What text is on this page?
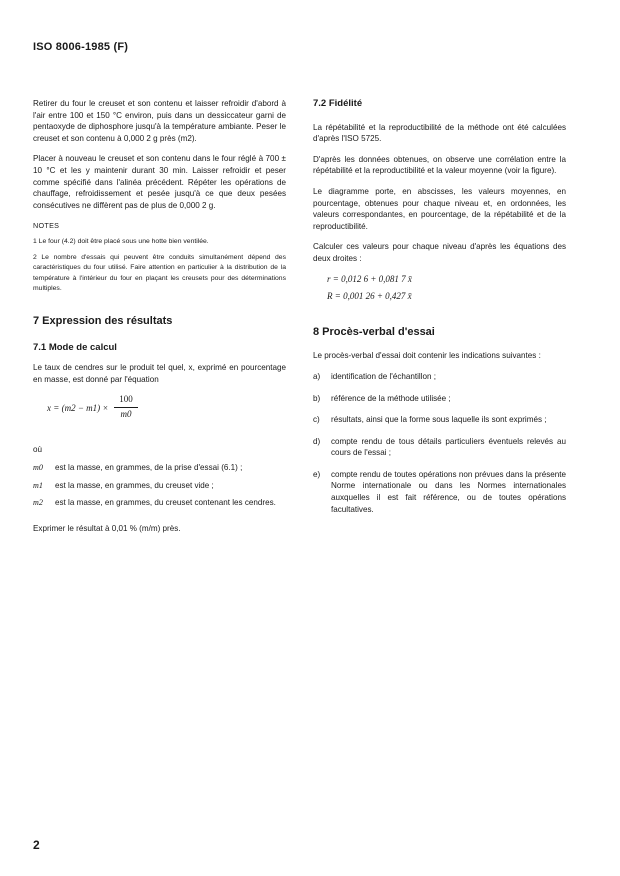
ISO 8006-1985 (F)

Retirer du four le creuset et son contenu et laisser refroidir d'abord à l'air entre 100 et 150 °C environ, puis dans un dessiccateur garni de pentaoxyde de diphosphore jusqu'à la température ambiante. Peser le creuset et son contenu à 0,000 2 g près (m2).

Placer à nouveau le creuset et son contenu dans le four réglé à 700 ± 10 °C et les y maintenir durant 30 min. Laisser refroidir et peser comme spécifié dans l'alinéa précédent. Répéter les opérations de chauffage, refroidissement et pesée jusqu'à ce que deux pesées consécutives ne diffèrent pas de plus de 0,000 2 g.

NOTES

1 Le four (4.2) doit être placé sous une hotte bien ventilée.

2 Le nombre d'essais qui peuvent être conduits simultanément dépend des caractéristiques du four utilisé. Faire attention en particulier à la distribution de la température à l'intérieur du four en plaçant les creusets pour des déterminations multiples.

7 Expression des résultats
7.1 Mode de calcul

Le taux de cendres sur le produit tel quel, x, exprimé en pourcentage en masse, est donné par l'équation

$x = (m2 - m1) \times \frac{100}{m0}$
où
m0	est la masse, en grammes, de la prise d'essai (6.1) ;
m1	est la masse, en grammes, du creuset vide ;
m2	est la masse, en grammes, du creuset contenant les cendres.

Exprimer le résultat à 0,01 % (m/m) près.

7.2 Fidélité

La répétabilité et la reproductibilité de la méthode ont été calculées d'après l'ISO 5725.

D'après les données obtenues, on observe une corrélation entre la répétabilité et la reproductibilité et la valeur moyenne (voir la figure).

Le diagramme porte, en abscisses, les valeurs moyennes, en pourcentage, obtenues pour chaque niveau et, en ordonnées, les valeurs correspondantes, en pourcentage, de la répétabilité et de la reproductibilité.

Calculer ces valeurs pour chaque niveau d'après les équations des deux droites :

r = 0,012 6 + 0,081 7 x̄
R = 0,001 26 + 0,427 x̄
8 Procès-verbal d'essai

Le procès-verbal d'essai doit contenir les indications suivantes :

a)	identification de l'échantillon ;
b)	référence de la méthode utilisée ;
c)	résultats, ainsi que la forme sous laquelle ils sont exprimés ;
d)	compte rendu de tous détails particuliers éventuels relevés au cours de l'essai ;
e)	compte rendu de toutes opérations non prévues dans la présente Norme internationale ou dans les Normes internationales auxquelles il est fait référence, ou de toutes opérations facultatives.
2
